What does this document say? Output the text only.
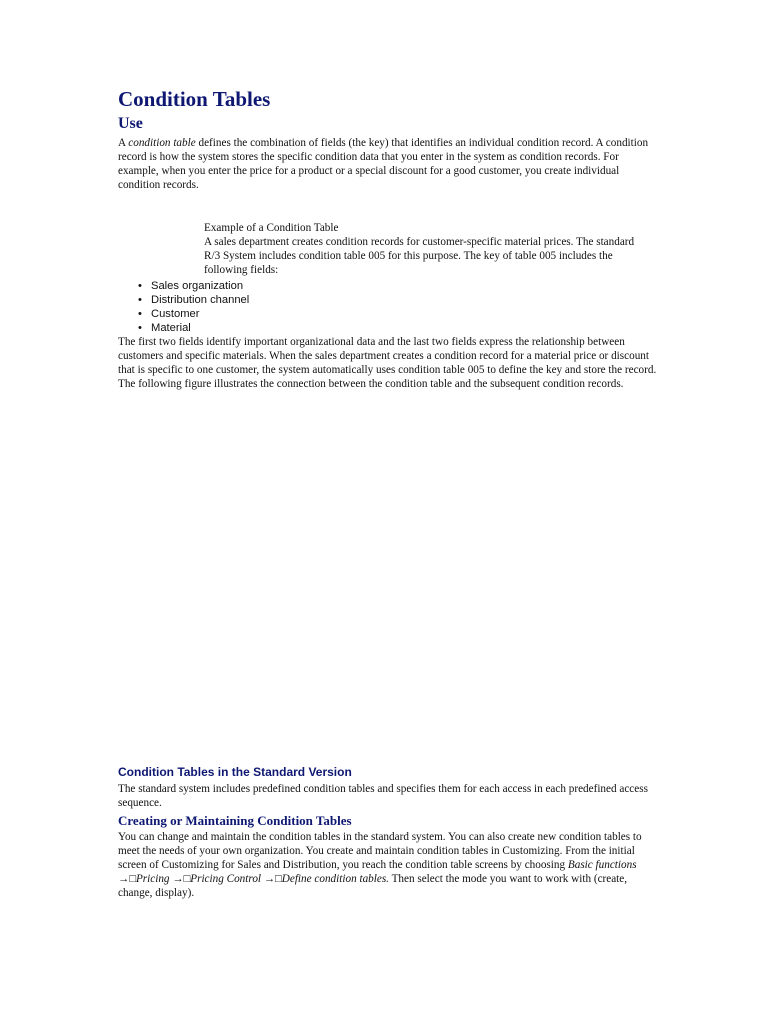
Condition Tables
Use

A condition table defines the combination of fields (the key) that identifies an individual condition record. A condition record is how the system stores the specific condition data that you enter in the system as condition records. For example, when you enter the price for a product or a special discount for a good customer, you create individual condition records.

Example of a Condition Table

A sales department creates condition records for customer-specific material prices. The standard R/3 System includes condition table 005 for this purpose. The key of table 005 includes the following fields:

• Sales organization
• Distribution channel
• Customer
• Material

The first two fields identify important organizational data and the last two fields express the relationship between customers and specific materials. When the sales department creates a condition record for a material price or discount that is specific to one customer, the system automatically uses condition table 005 to define the key and store the record.

The following figure illustrates the connection between the condition table and the subsequent condition records.

Condition Tables in the Standard Version

The standard system includes predefined condition tables and specifies them for each access in each predefined access sequence.

Creating or Maintaining Condition Tables

You can change and maintain the condition tables in the standard system. You can also create new condition tables to meet the needs of your own organization. You create and maintain condition tables in Customizing. From the initial screen of Customizing for Sales and Distribution, you reach the condition table screens by choosing Basic functions →□Pricing →□Pricing Control →□Define condition tables. Then select the mode you want to work with (create, change, display).
